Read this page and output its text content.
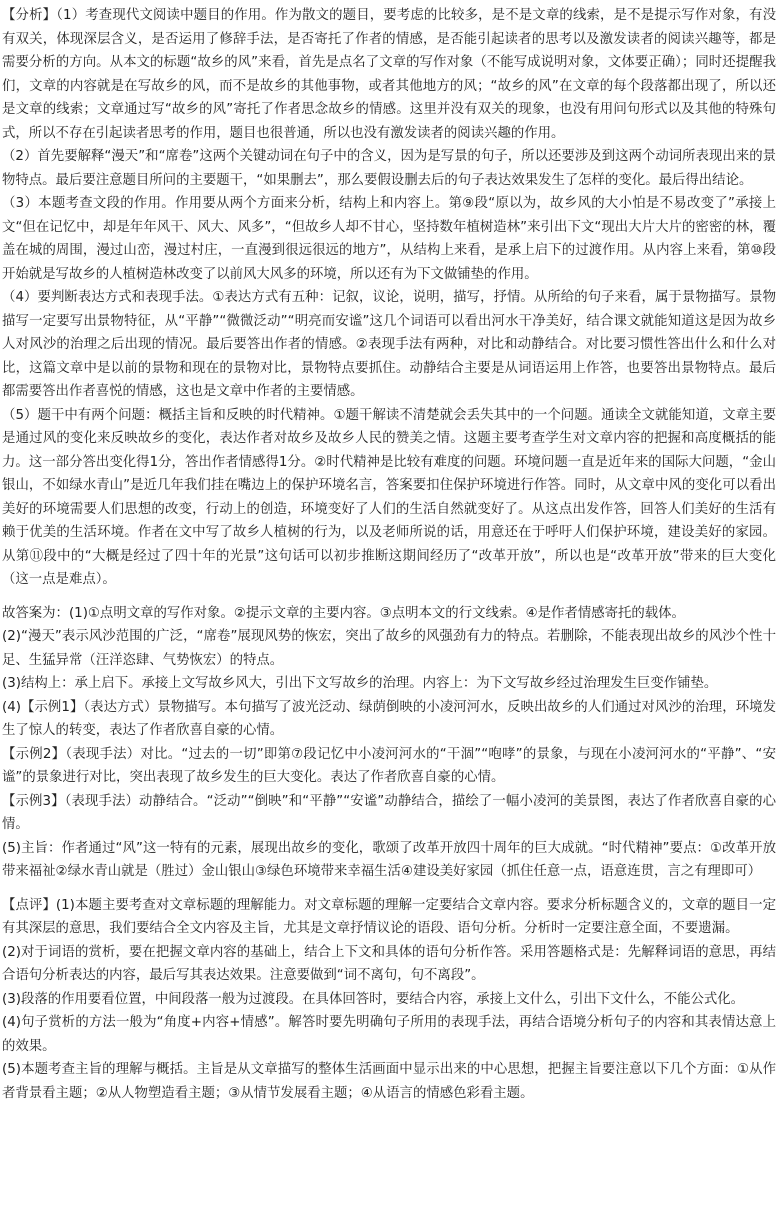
【分析】（1）考查现代文阅读中题目的作用。作为散文的题目，要考虑的比较多，是不是文章的线索，是不是提示写作对象，有没有双关，体现深层含义，是否运用了修辞手法，是否寄托了作者的情感，是否能引起读者的思考以及激发读者的阅读兴趣等，都是需要分析的方向。从本文的标题“故乡的风”来看，首先是点名了文章的写作对象（不能写成说明对象，文体要正确）；同时还提醒我们，文章的内容就是在写故乡的风，而不是故乡的其他事物，或者其他地方的风；“故乡的风”在文章的每个段落都出现了，所以还是文章的线索；文章通过写“故乡的风”寄托了作者思念故乡的情感。这里并没有双关的现象，也没有用问句形式以及其他的特殊句式，所以不存在引起读者思考的作用，题目也很普通，所以也没有激发读者的阅读兴趣的作用。

（2）首先要解释“漫天”和“席卷”这两个关键动词在句子中的含义，因为是写景的句子，所以还要涉及到这两个动词所表现出来的景物特点。最后要注意题目所问的主要题干，“如果删去”，那么要假设删去后的句子表达效果发生了怎样的变化。最后得出结论。

（3）本题考查文段的作用。作用要从两个方面来分析，结构上和内容上。第⑨段“原以为，故乡风的大小怕是不易改变了”承接上文“但在记忆中，却是年年风干、风大、风多”，“但故乡人却不甘心，坚持数年植树造林”来引出下文“现出大片大片的密密的林，覆盖在城的周围，漫过山峦，漫过村庄，一直漫到很远很远的地方”，从结构上来看，是承上启下的过渡作用。从内容上来看，第⑩段开始就是写故乡的人植树造林改变了以前风大风多的环境，所以还有为下文做铺垫的作用。

（4）要判断表达方式和表现手法。①表达方式有五种：记叙，议论，说明，描写，抒情。从所给的句子来看，属于景物描写。景物描写一定要写出景物特征，从“平静”“微微泛动”“明亮而安谧”这几个词语可以看出河水干净美好，结合课文就能知道这是因为故乡人对风沙的治理之后出现的情况。最后要答出作者的情感。②表现手法有两种，对比和动静结合。对比要习惯性答出什么和什么对比，这篇文章中是以前的景物和现在的景物对比，景物特点要抓住。动静结合主要是从词语运用上作答，也要答出景物特点。最后都需要答出作者喜悦的情感，这也是文章中作者的主要情感。

（5）题干中有两个问题：概括主旨和反映的时代精神。①题干解读不清楚就会丢失其中的一个问题。通读全文就能知道，文章主要是通过风的变化来反映故乡的变化，表达作者对故乡及故乡人民的赞美之情。这题主要考查学生对文章内容的把握和高度概括的能力。这一部分答出变化得1分，答出作者情感得1分。②时代精神是比较有难度的问题。环境问题一直是近年来的国际大问题，“金山银山，不如绿水青山”是近几年我们挂在嘴边上的保护环境名言，答案要扣住保护环境进行作答。同时，从文章中风的变化可以看出美好的环境需要人们思想的改变，行动上的创造，环境变好了人们的生活自然就变好了。从这点出发作答，回答人们美好的生活有赖于优美的生活环境。作者在文中写了故乡人植树的行为，以及老师所说的话，用意还在于呼吁人们保护环境，建设美好的家园。从第⑪段中的“大概是经过了四十年的光景”这句话可以初步推断这期间经历了“改革开放”，所以也是“改革开放”带来的巨大变化（这一点是难点）。

故答案为：(1)①点明文章的写作对象。②提示文章的主要内容。③点明本文的行文线索。④是作者情感寄托的载体。

(2)“漫天”表示风沙范围的广泛，“席卷”展现风势的恢宏，突出了故乡的风强劲有力的特点。若删除，不能表现出故乡的风沙个性十足、生猛异常（汪洋恣肆、气势恢宏）的特点。

(3)结构上：承上启下。承接上文写故乡风大，引出下文写故乡的治理。内容上：为下文写故乡经过治理发生巨变作铺垫。

(4)【示例1】（表达方式）景物描写。本句描写了波光泛动、绿荫倒映的小凌河河水，反映出故乡的人们通过对风沙的治理，环境发生了惊人的转变，表达了作者欣喜自豪的心情。

【示例2】（表现手法）对比。“过去的一切”即第⑦段记忆中小凌河河水的“干涸”“咆哮”的景象，与现在小凌河河水的“平静”、“安谧”的景象进行对比，突出表现了故乡发生的巨大变化。表达了作者欣喜自豪的心情。

【示例3】（表现手法）动静结合。“泛动”“倒映”和“平静”“安谧”动静结合，描绘了一幅小凌河的美景图，表达了作者欣喜自豪的心情。

(5)主旨：作者通过“风”这一特有的元素，展现出故乡的变化，歌颂了改革开放四十周年的巨大成就。“时代精神”要点：①改革开放带来福祉②绿水青山就是（胜过）金山银山③绿色环境带来幸福生活④建设美好家园（抓住任意一点，语意连贯，言之有理即可）

【点评】(1)本题主要考查对文章标题的理解能力。对文章标题的理解一定要结合文章内容。要求分析标题含义的，文章的题目一定有其深层的意思，我们要结合全文内容及主旨，尤其是文章抒情议论的语段、语句分析。分析时一定要注意全面，不要遗漏。

(2)对于词语的赏析，要在把握文章内容的基础上，结合上下文和具体的语句分析作答。采用答题格式是：先解释词语的意思，再结合语句分析表达的内容，最后写其表达效果。注意要做到“词不离句，句不离段”。

(3)段落的作用要看位置，中间段落一般为过渡段。在具体回答时，要结合内容，承接上文什么，引出下文什么，不能公式化。

(4)句子赏析的方法一般为“角度+内容+情感”。解答时要先明确句子所用的表现手法，再结合语境分析句子的内容和其表情达意上的效果。

(5)本题考查主旨的理解与概括。主旨是从文章描写的整体生活画面中显示出来的中心思想，把握主旨要注意以下几个方面：①从作者背景看主题；②从人物塑造看主题；③从情节发展看主题；④从语言的情感色彩看主题。
